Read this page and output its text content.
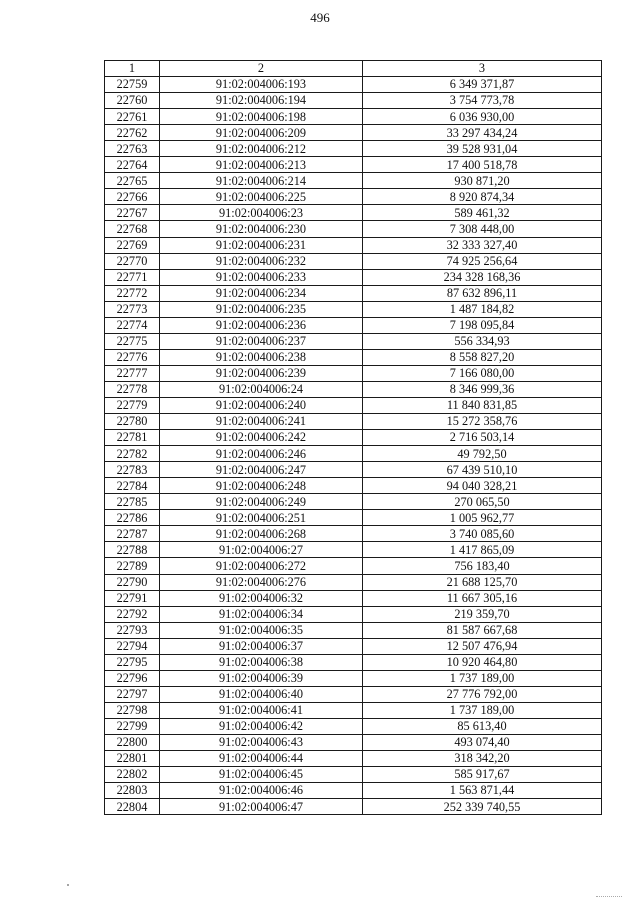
496
1	2	3
22759	91:02:004006:193	6 349 371,87
22760	91:02:004006:194	3 754 773,78
22761	91:02:004006:198	6 036 930,00
22762	91:02:004006:209	33 297 434,24
22763	91:02:004006:212	39 528 931,04
22764	91:02:004006:213	17 400 518,78
22765	91:02:004006:214	930 871,20
22766	91:02:004006:225	8 920 874,34
22767	91:02:004006:23	589 461,32
22768	91:02:004006:230	7 308 448,00
22769	91:02:004006:231	32 333 327,40
22770	91:02:004006:232	74 925 256,64
22771	91:02:004006:233	234 328 168,36
22772	91:02:004006:234	87 632 896,11
22773	91:02:004006:235	1 487 184,82
22774	91:02:004006:236	7 198 095,84
22775	91:02:004006:237	556 334,93
22776	91:02:004006:238	8 558 827,20
22777	91:02:004006:239	7 166 080,00
22778	91:02:004006:24	8 346 999,36
22779	91:02:004006:240	11 840 831,85
22780	91:02:004006:241	15 272 358,76
22781	91:02:004006:242	2 716 503,14
22782	91:02:004006:246	49 792,50
22783	91:02:004006:247	67 439 510,10
22784	91:02:004006:248	94 040 328,21
22785	91:02:004006:249	270 065,50
22786	91:02:004006:251	1 005 962,77
22787	91:02:004006:268	3 740 085,60
22788	91:02:004006:27	1 417 865,09
22789	91:02:004006:272	756 183,40
22790	91:02:004006:276	21 688 125,70
22791	91:02:004006:32	11 667 305,16
22792	91:02:004006:34	219 359,70
22793	91:02:004006:35	81 587 667,68
22794	91:02:004006:37	12 507 476,94
22795	91:02:004006:38	10 920 464,80
22796	91:02:004006:39	1 737 189,00
22797	91:02:004006:40	27 776 792,00
22798	91:02:004006:41	1 737 189,00
22799	91:02:004006:42	85 613,40
22800	91:02:004006:43	493 074,40
22801	91:02:004006:44	318 342,20
22802	91:02:004006:45	585 917,67
22803	91:02:004006:46	1 563 871,44
22804	91:02:004006:47	252 339 740,55
